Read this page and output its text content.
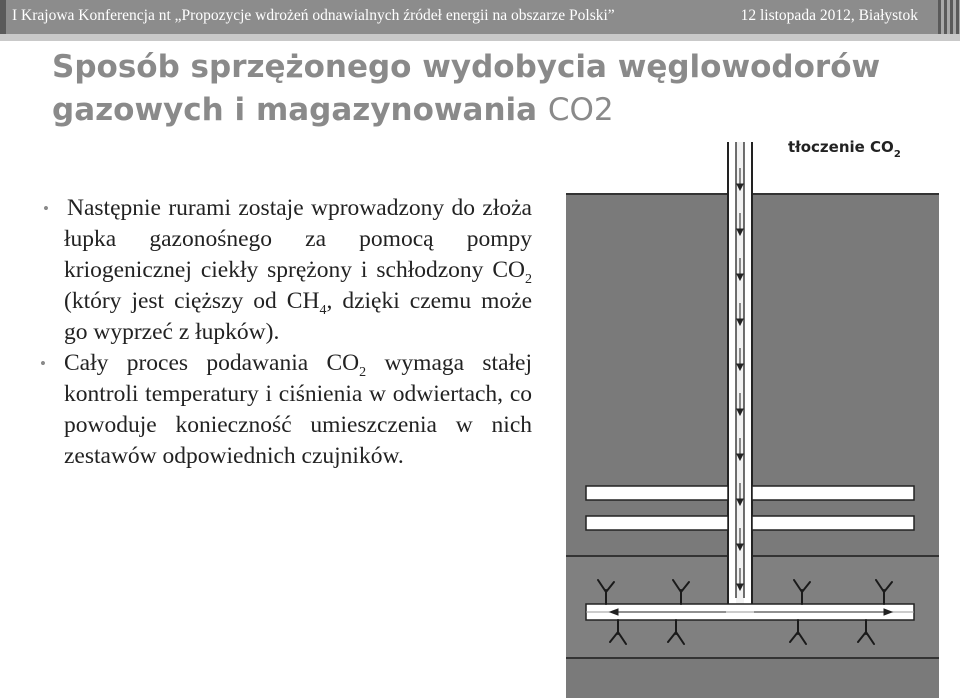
I Krajowa Konferencja nt „Propozycje wdrożeń odnawialnych źródeł energii na obszarze Polski”	12 listopada 2012, Białystok
Sposób sprzężonego wydobycia węglowodorów gazowych i magazynowania CO2
• Następnie rurami zostaje wprowadzony do złoża łupka gazonośnego za pomocą pompy kriogenicznej ciekły sprężony i schłodzony $CO_2$ (który jest cięższy od $CH_4$, dzięki czemu może go wyprzeć z łupków).
• Cały proces podawania $CO_2$ wymaga stałej kontroli temperatury i ciśnienia w odwiertach, co powoduje konieczność umieszczenia w nich zestawów odpowiednich czujników.
tłoczenie $CO_2$
